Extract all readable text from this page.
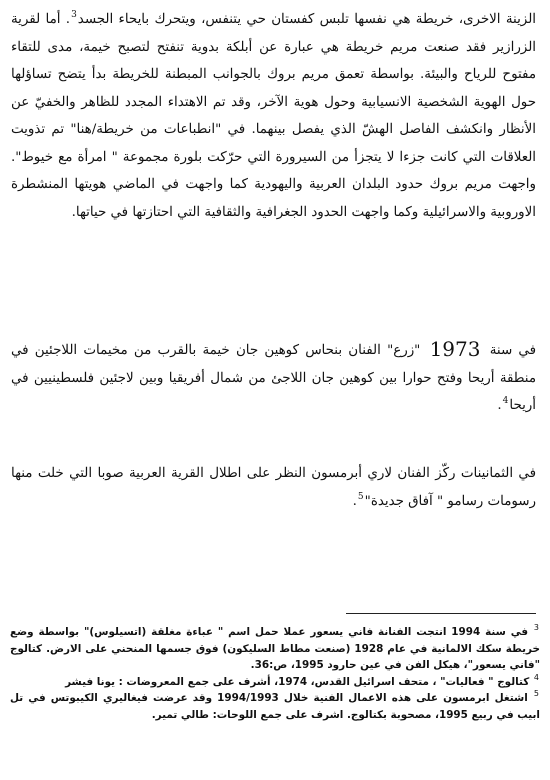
الزينة الاخرى، خريطة هي نفسها تلبس كفستان حي يتنفس، ويتحرك بايحاء الجسد$^3$. أما لقرية الزرازير فقد صنعت مريم خريطة هي عبارة عن أبلكة بدوية تنفتح لتصبح خيمة، مدى للتقاء مفتوح للرياح والبيئة. بواسطة تعمق مريم بروك بالجوانب المبطنة للخريطة بدأ يتضح تساؤلها حول الهوية الشخصية الانسيابية وحول هوية الآخر، وقد تم الاهتداء المجدد للظاهر والخفيّ عن الأنظار وانكشف الفاصل الهشّ الذي يفصل بينهما. في "انطباعات من خريطة/هنا" تم تذويت العلاقات التي كانت جزءا لا يتجزأ من السيرورة التي حرّكت بلورة مجموعة " امرأة مع خيوط". واجهت مريم بروك حدود البلدان العربية واليهودية كما واجهت في الماضي هويتها المنشطرة الاوروبية والاسرائيلية وكما واجهت الحدود الجغرافية والثقافية التي احتازتها في حياتها.

في سنة 1973 "زرع" الفنان بنحاس كوهين جان خيمة بالقرب من مخيمات اللاجئين في منطقة أريحا وفتح حوارا بين كوهين جان اللاجئ من شمال أفريقيا وبين لاجئين فلسطينيين في أريحا$^4$.

في الثمانينات ركّز الفنان لاري أبرمسون النظر على اطلال القرية العربية صوبا التي خلت منها رسومات رسامو " آفاق جديدة"$^5$.

$^3$ في سنة 1994 انتجت الفنانة فاني يسعور عملا حمل اسم " عباءة مغلقة (اتسيلوس)" بواسطة وضع خريطة سكك الالمانية في عام 1928 (صنعت مطاط السليكون) فوق جسمها المنحني على الارض. كتالوج "فاني يسعور"، هيكل الفن في عين حارود 1995، ص:36.
$^4$ كتالوج " فعاليات" ، متحف اسرائيل القدس، 1974، أشرف على جمع المعروضات : يونا فيشر
$^5$ اشتغل ابرمسون على هذه الاعمال الفنية خلال 1994/1993 وقد عرضت فيغاليري الكيبوتس في تل ابيب في ربيع 1995، مصحوبة بكتالوج. اشرف على جمع اللوحات: طالي تمير.
